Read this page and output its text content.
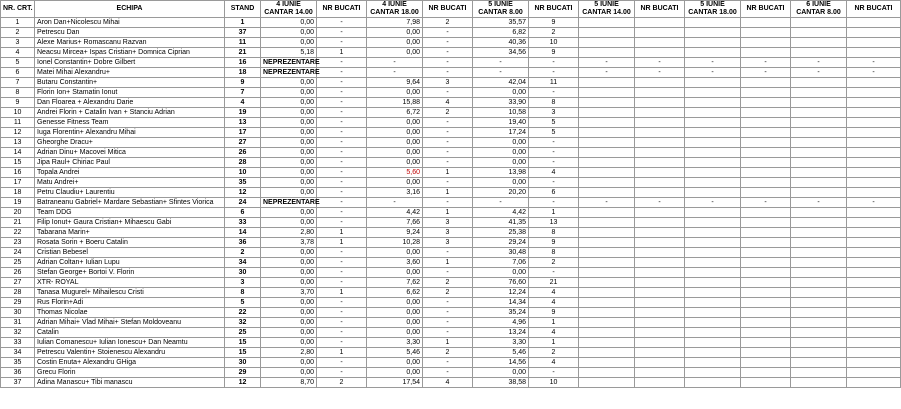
NR. CRT.	ECHIPA	STAND	4 IUNIE	NR BUCATI	4 IUNIE	NR BUCATI	5 IUNIE	NR BUCATI	5 IUNIE	NR BUCATI	5 IUNIE	NR BUCATI	6 IUNIE	NR BUCATI
			CANTAR 14.00		CANTAR 18.00		CANTAR 8.00		CANTAR 14.00		CANTAR 18.00		CANTAR 8.00	
1	Aron Dan+Nicolescu Mihai	1	0,00	-	7,98	2	35,57	9						
2	Petrescu Dan	37	0,00	-	0,00	-	6,82	2						
3	Alexe Marius+ Romascanu Razvan	11	0,00	-	0,00	-	40,36	10						
4	Neacsu Mircea+ Ispas Cristian+ Domnica Ciprian	21	5,18	1	0,00	-	34,56	9						
5	Ionel Constantin+ Dobre Gilbert	16	NEPREZENTARE	-	-	-	-	-	-	-	-	-	-	-
6	Matei Mihai Alexandru+	18	NEPREZENTARE	-	-	-	-	-	-	-	-	-	-	-
7	Butaru Constantin+	9	0,00	-	9,64	3	42,04	11						
8	Florin Ion+ Stamatin Ionut	7	0,00	-	0,00	-	0,00	-						
9	Dan Floarea + Alexandru Darie	4	0,00	-	15,88	4	33,90	8						
10	Andrei Florin + Catalin Ivan + Stanciu Adrian	19	0,00	-	6,72	2	10,58	3						
11	Genesse Fitness Team	13	0,00	-	0,00	-	19,40	5						
12	Iuga Florentin+ Alexandru Mihai	17	0,00	-	0,00	-	17,24	5						
13	Gheorghe Dracu+	27	0,00	-	0,00	-	0,00	-						
14	Adrian Dinu+ Macovei Mitica	26	0,00	-	0,00	-	0,00	-						
15	Jipa Raul+ Chiriac Paul	28	0,00	-	0,00	-	0,00	-						
16	Topala Andrei	10	0,00	-	5,60	1	13,98	4						
17	Matu Andrei+	35	0,00	-	0,00	-	0,00	-						
18	Petru Claudiu+ Laurentiu	12	0,00	-	3,16	1	20,20	6						
19	Batraneanu Gabriel+ Mardare Sebastian+ Sfintes Viorica	24	NEPREZENTARE	-	-	-	-	-	-	-	-	-	-	-
20	Team DDG	6	0,00	-	4,42	1	4,42	1						
21	Filip Ionut+ Gaura Cristian+ Mihaescu Gabi	33	0,00	-	7,66	3	41,35	13						
22	Tabarana Marin+	14	2,80	1	9,24	3	25,38	8						
23	Rosata Sorin + Boeru Catalin	36	3,78	1	10,28	3	29,24	9						
24	Cristian Bebesel	2	0,00	-	0,00	-	30,48	8						
25	Adrian Coltan+ Iulian Lupu	34	0,00	-	3,60	1	7,06	2						
26	Stefan George+ Bortoi V. Florin	30	0,00	-	0,00	-	0,00	-						
27	XTR- ROYAL	3	0,00	-	7,62	2	76,60	21						
28	Tanasa Mugurel+ Mihailescu Cristi	8	3,70	1	6,62	2	12,24	4						
29	Rus Florin+Adi	5	0,00	-	0,00	-	14,34	4						
30	Thomas Nicolae	22	0,00	-	0,00	-	35,24	9						
31	Adrian Mihai+ Vlad Mihai+ Stefan Moldoveanu	32	0,00	-	0,00	-	4,96	1						
32	Catalin	25	0,00	-	0,00	-	13,24	4						
33	Iulian Comanescu+ Iulian Ionescu+ Dan Neamtu	15	0,00	-	3,30	1	3,30	1						
34	Petrescu Valentin+ Stoienescu Alexandru	15	2,80	1	5,46	2	5,46	2						
35	Costin Enuta+ Alexandru GHiga	30	0,00	-	0,00	-	14,56	4						
36	Grecu Florin	29	0,00	-	0,00	-	0,00	-						
37	Adina Manascu+ Tibi manascu	12	8,70	2	17,54	4	38,58	10						
